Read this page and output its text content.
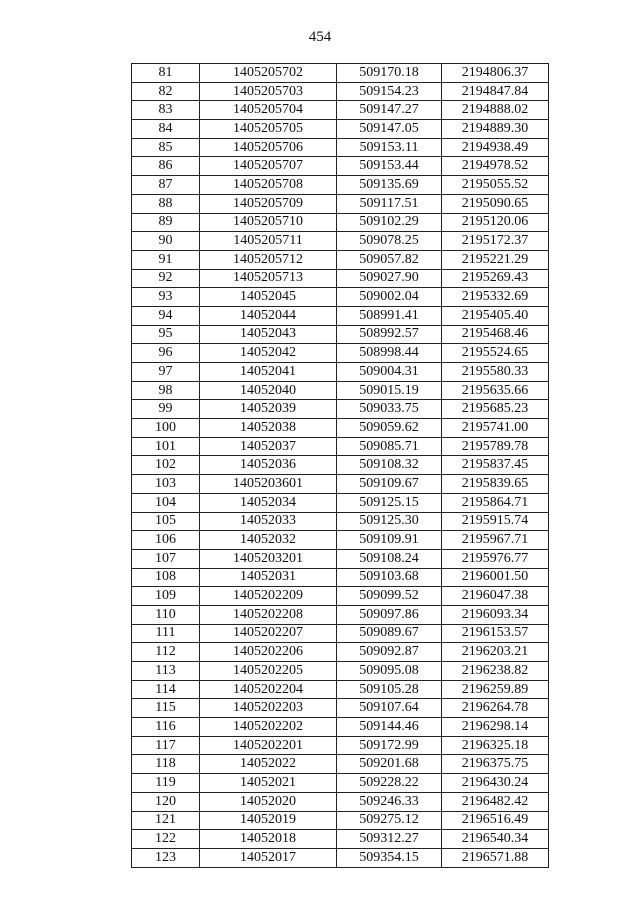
454
81	1405205702	509170.18	2194806.37
82	1405205703	509154.23	2194847.84
83	1405205704	509147.27	2194888.02
84	1405205705	509147.05	2194889.30
85	1405205706	509153.11	2194938.49
86	1405205707	509153.44	2194978.52
87	1405205708	509135.69	2195055.52
88	1405205709	509117.51	2195090.65
89	1405205710	509102.29	2195120.06
90	1405205711	509078.25	2195172.37
91	1405205712	509057.82	2195221.29
92	1405205713	509027.90	2195269.43
93	14052045	509002.04	2195332.69
94	14052044	508991.41	2195405.40
95	14052043	508992.57	2195468.46
96	14052042	508998.44	2195524.65
97	14052041	509004.31	2195580.33
98	14052040	509015.19	2195635.66
99	14052039	509033.75	2195685.23
100	14052038	509059.62	2195741.00
101	14052037	509085.71	2195789.78
102	14052036	509108.32	2195837.45
103	1405203601	509109.67	2195839.65
104	14052034	509125.15	2195864.71
105	14052033	509125.30	2195915.74
106	14052032	509109.91	2195967.71
107	1405203201	509108.24	2195976.77
108	14052031	509103.68	2196001.50
109	1405202209	509099.52	2196047.38
110	1405202208	509097.86	2196093.34
111	1405202207	509089.67	2196153.57
112	1405202206	509092.87	2196203.21
113	1405202205	509095.08	2196238.82
114	1405202204	509105.28	2196259.89
115	1405202203	509107.64	2196264.78
116	1405202202	509144.46	2196298.14
117	1405202201	509172.99	2196325.18
118	14052022	509201.68	2196375.75
119	14052021	509228.22	2196430.24
120	14052020	509246.33	2196482.42
121	14052019	509275.12	2196516.49
122	14052018	509312.27	2196540.34
123	14052017	509354.15	2196571.88
